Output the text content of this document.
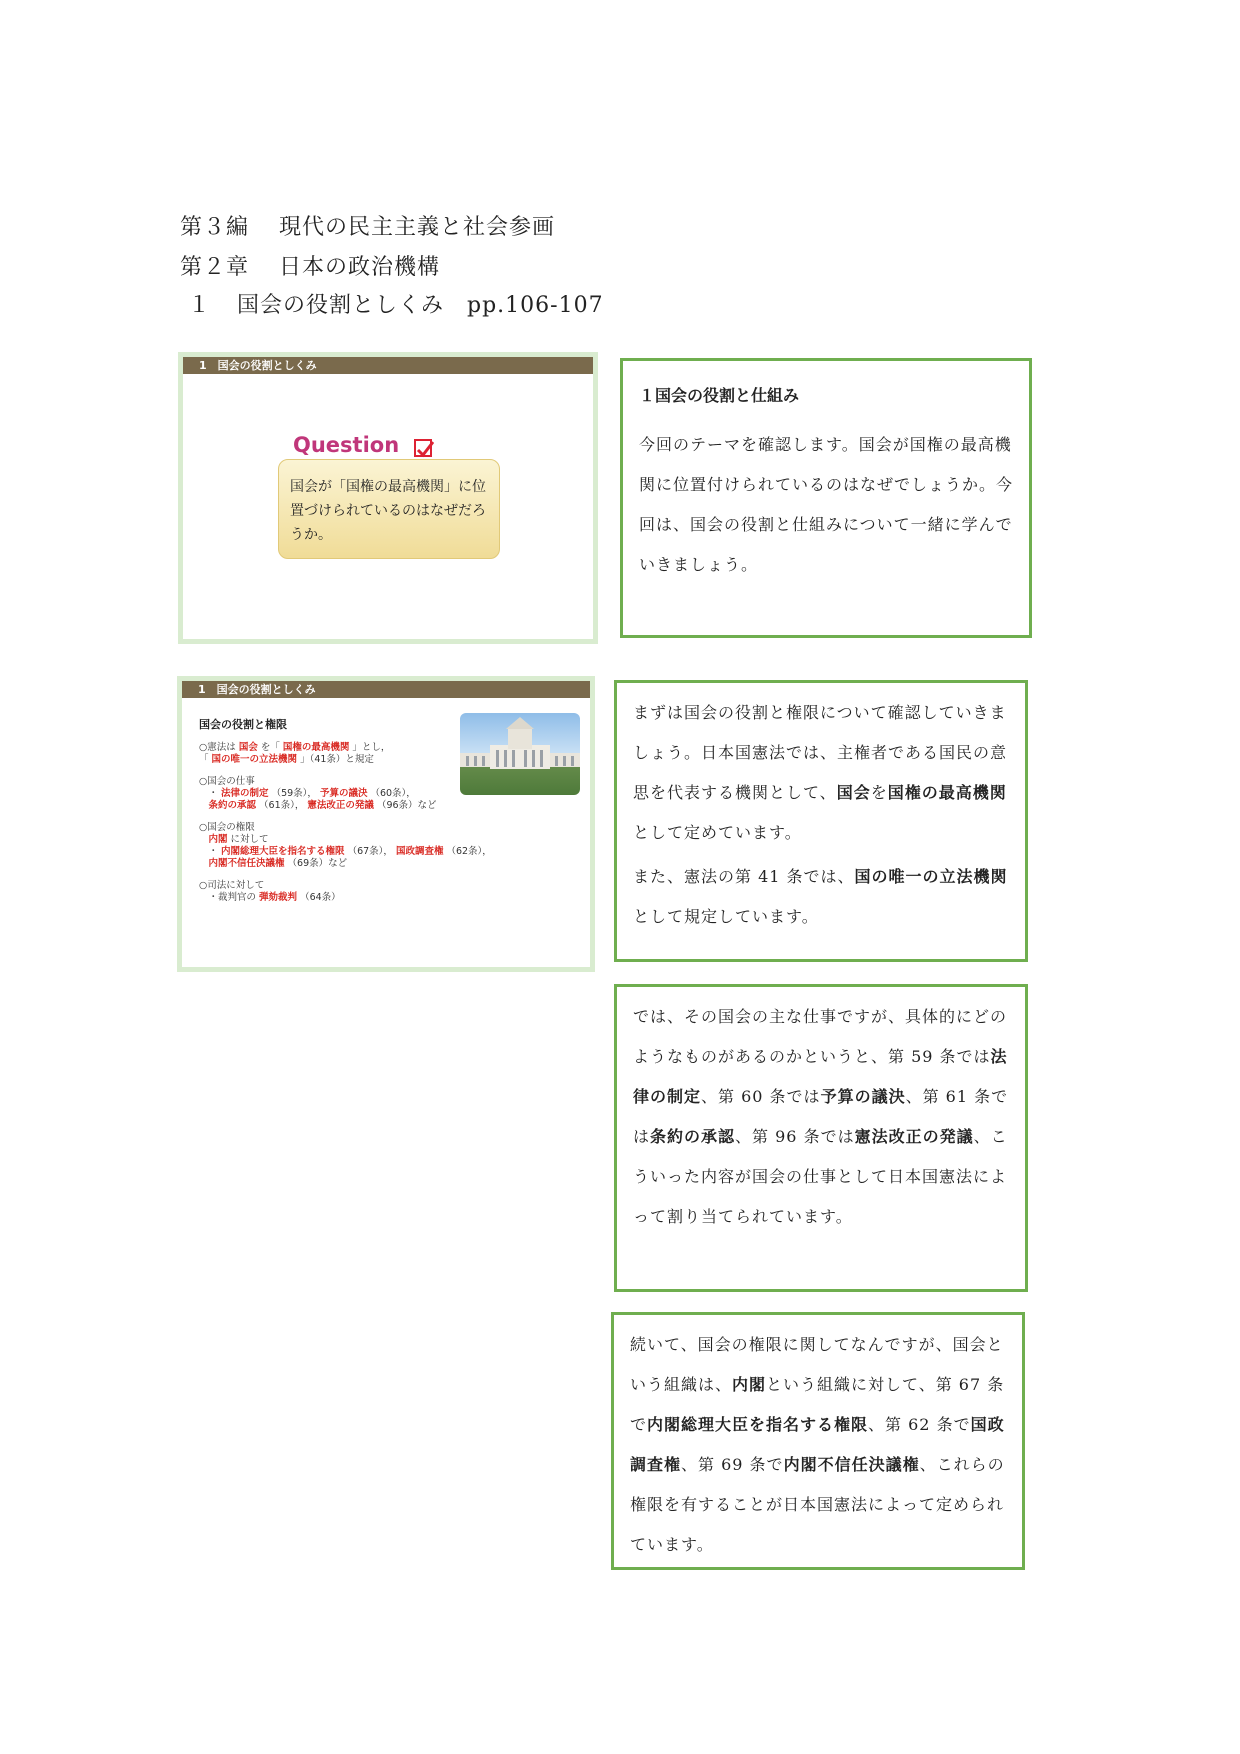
第３編 現代の民主主義と社会参画
第２章 日本の政治機構
１ 国会の役割としくみ　pp.106-107
1　国会の役割としくみ
Question
国会が「国権の最高機関」に位置づけられているのはなぜだろうか。
1　国会の役割としくみ
国会の役割と権限
○憲法は 国会 を「 国権の最高機関 」とし，
「 国の唯一の立法機関 」（41条）と規定
○国会の仕事
　・ 法律の制定 （59条）， 予算の議決 （60条），
　条約の承認 （61条）， 憲法改正の発議 （96条）など
○国会の権限
　内閣 に対して
　・ 内閣総理大臣を指名する権限 （67条）， 国政調査権 （62条），
　内閣不信任決議権 （69条）など
○司法に対して
　・裁判官の 弾劾裁判 （64条）
１国会の役割と仕組み

今回のテーマを確認します。国会が国権の最高機関に位置付けられているのはなぜでしょうか。今回は、国会の役割と仕組みについて一緒に学んでいきましょう。

まずは国会の役割と権限について確認していきましょう。日本国憲法では、主権者である国民の意思を代表する機関として、国会を国権の最高機関として定めています。

また、憲法の第 41 条では、国の唯一の立法機関として規定しています。

では、その国会の主な仕事ですが、具体的にどのようなものがあるのかというと、第 59 条では法律の制定、第 60 条では予算の議決、第 61 条では条約の承認、第 96 条では憲法改正の発議、こういった内容が国会の仕事として日本国憲法によって割り当てられています。

続いて、国会の権限に関してなんですが、国会という組織は、内閣という組織に対して、第 67 条で内閣総理大臣を指名する権限、第 62 条で国政調査権、第 69 条で内閣不信任決議権、これらの権限を有することが日本国憲法によって定められています。
